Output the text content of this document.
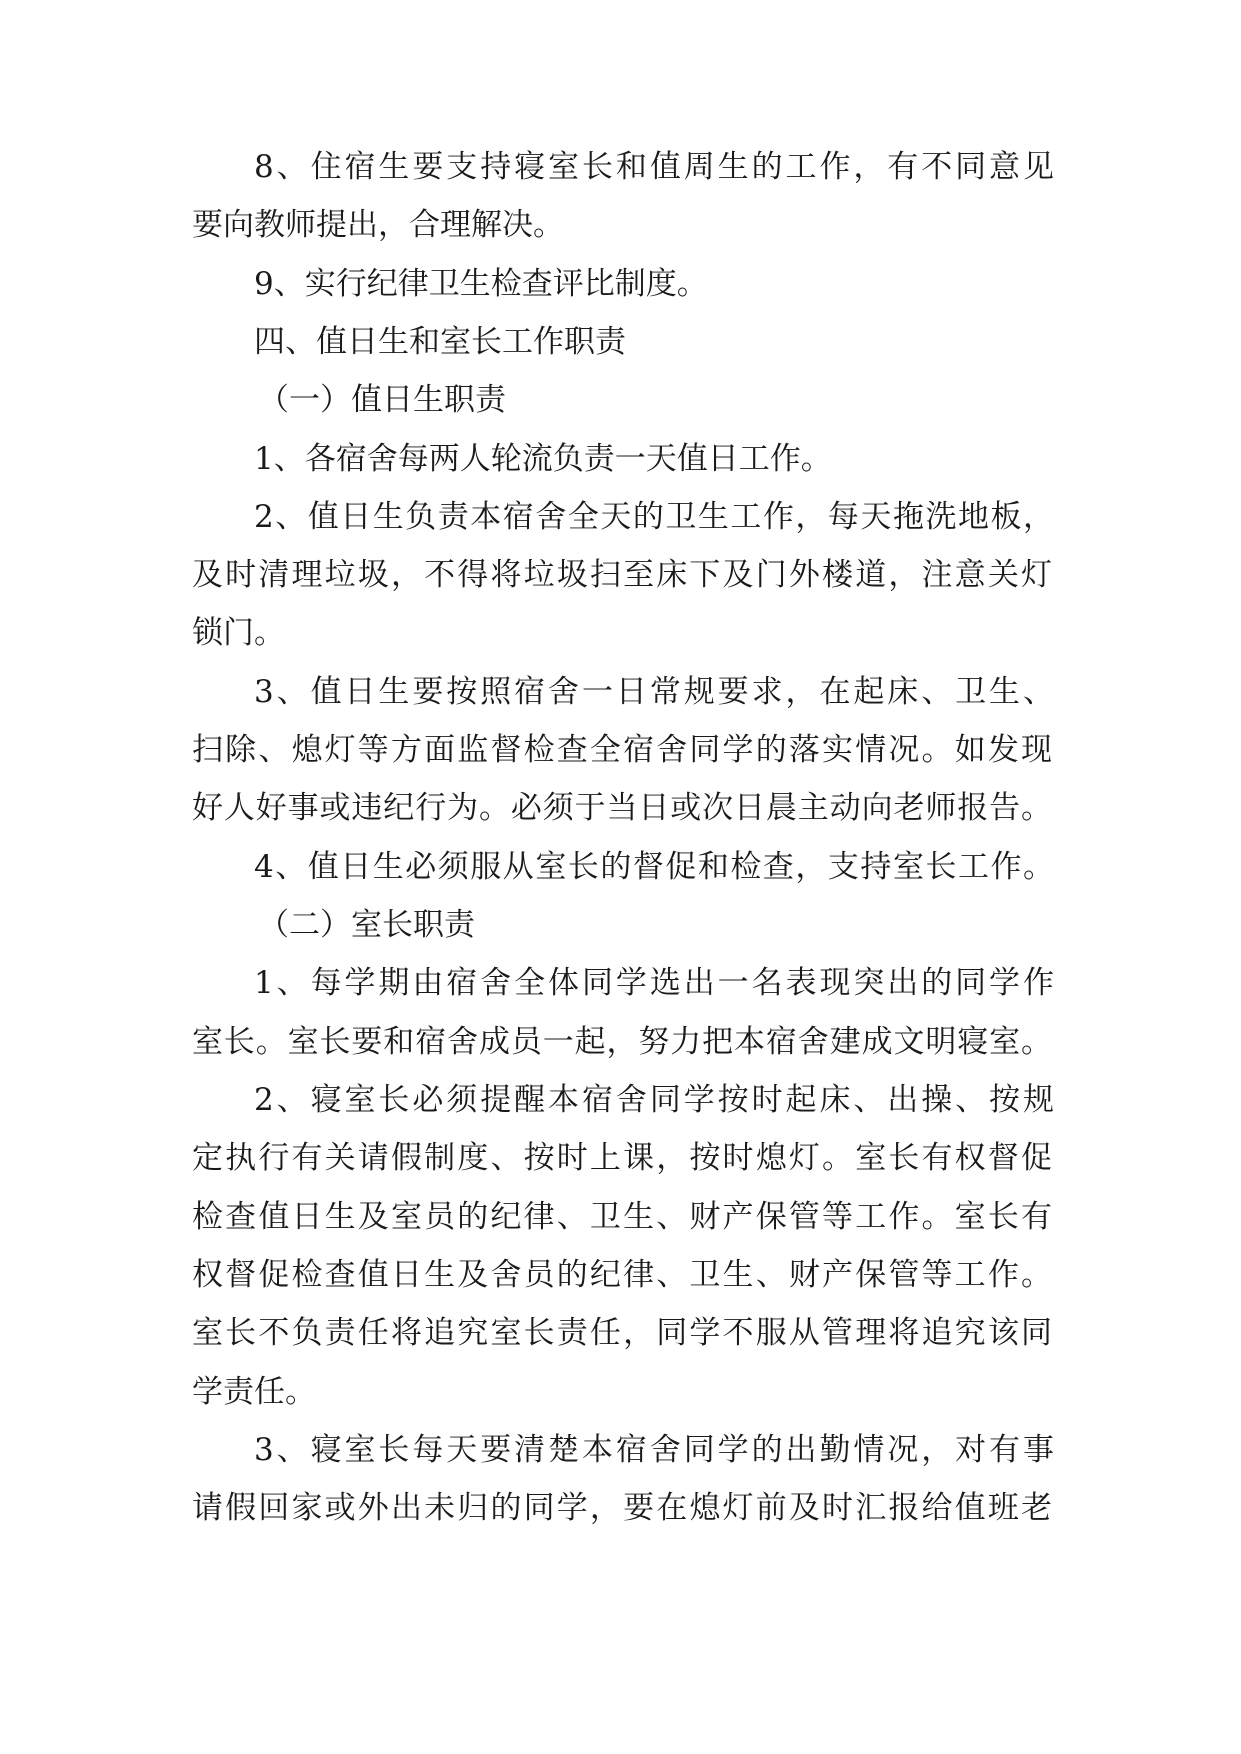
8、住宿生要支持寝室长和值周生的工作，有不同意见

要向教师提出，合理解决。

9、实行纪律卫生检查评比制度。

四、值日生和室长工作职责

（一）值日生职责

1、各宿舍每两人轮流负责一天值日工作。

2、值日生负责本宿舍全天的卫生工作，每天拖洗地板，

及时清理垃圾，不得将垃圾扫至床下及门外楼道，注意关灯

锁门。

3、值日生要按照宿舍一日常规要求，在起床、卫生、

扫除、熄灯等方面监督检查全宿舍同学的落实情况。如发现

好人好事或违纪行为。必须于当日或次日晨主动向老师报告。

4、值日生必须服从室长的督促和检查，支持室长工作。

（二）室长职责

1、每学期由宿舍全体同学选出一名表现突出的同学作

室长。室长要和宿舍成员一起，努力把本宿舍建成文明寝室。

2、寝室长必须提醒本宿舍同学按时起床、出操、按规

定执行有关请假制度、按时上课，按时熄灯。室长有权督促

检查值日生及室员的纪律、卫生、财产保管等工作。室长有

权督促检查值日生及舍员的纪律、卫生、财产保管等工作。

室长不负责任将追究室长责任，同学不服从管理将追究该同

学责任。

3、寝室长每天要清楚本宿舍同学的出勤情况，对有事

请假回家或外出未归的同学，要在熄灯前及时汇报给值班老
